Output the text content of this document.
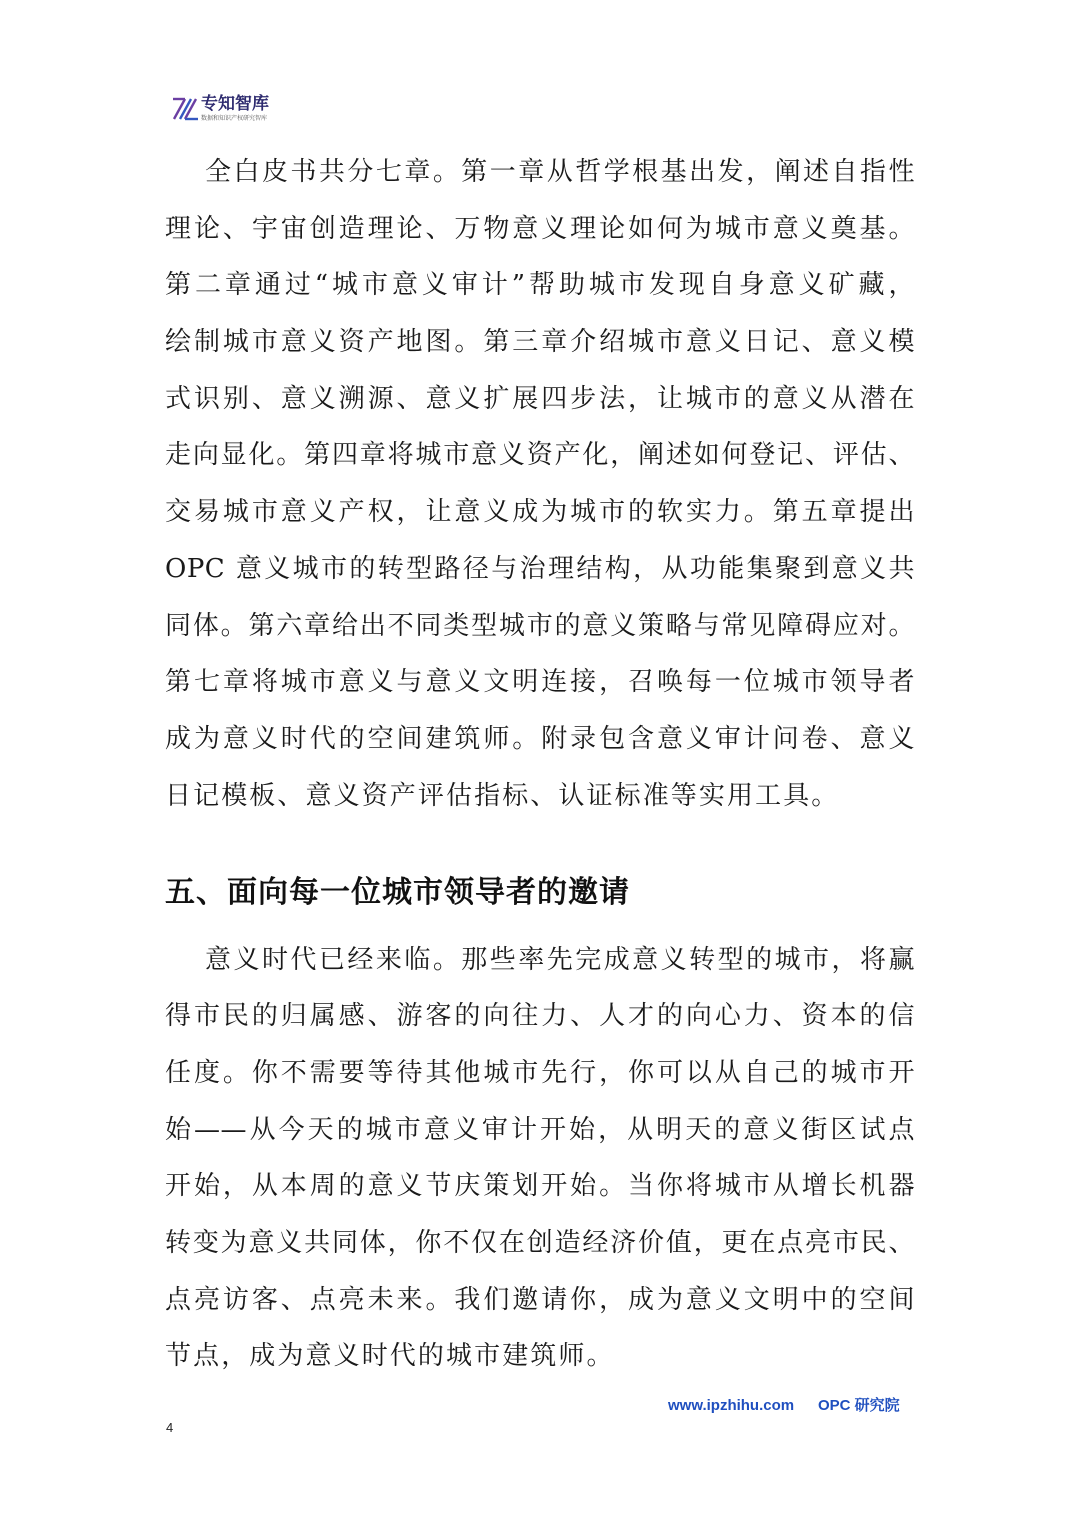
专知智库
数据和知识产权研究智库
全白皮书共分七章。第一章从哲学根基出发，阐述自指性
理论、宇宙创造理论、万物意义理论如何为城市意义奠基。
第二章通过“城市意义审计”帮助城市发现自身意义矿藏，
绘制城市意义资产地图。第三章介绍城市意义日记、意义模
式识别、意义溯源、意义扩展四步法，让城市的意义从潜在
走向显化。第四章将城市意义资产化，阐述如何登记、评估、
交易城市意义产权，让意义成为城市的软实力。第五章提出
OPC 意义城市的转型路径与治理结构，从功能集聚到意义共
同体。第六章给出不同类型城市的意义策略与常见障碍应对。
第七章将城市意义与意义文明连接，召唤每一位城市领导者
成为意义时代的空间建筑师。附录包含意义审计问卷、意义
日记模板、意义资产评估指标、认证标准等实用工具。
五、面向每一位城市领导者的邀请
意义时代已经来临。那些率先完成意义转型的城市，将赢
得市民的归属感、游客的向往力、人才的向心力、资本的信
任度。你不需要等待其他城市先行，你可以从自己的城市开
始——从今天的城市意义审计开始，从明天的意义街区试点
开始，从本周的意义节庆策划开始。当你将城市从增长机器
转变为意义共同体，你不仅在创造经济价值，更在点亮市民、
点亮访客、点亮未来。我们邀请你，成为意义文明中的空间
节点，成为意义时代的城市建筑师。
www.ipzhihu.com OPC 研究院
4
